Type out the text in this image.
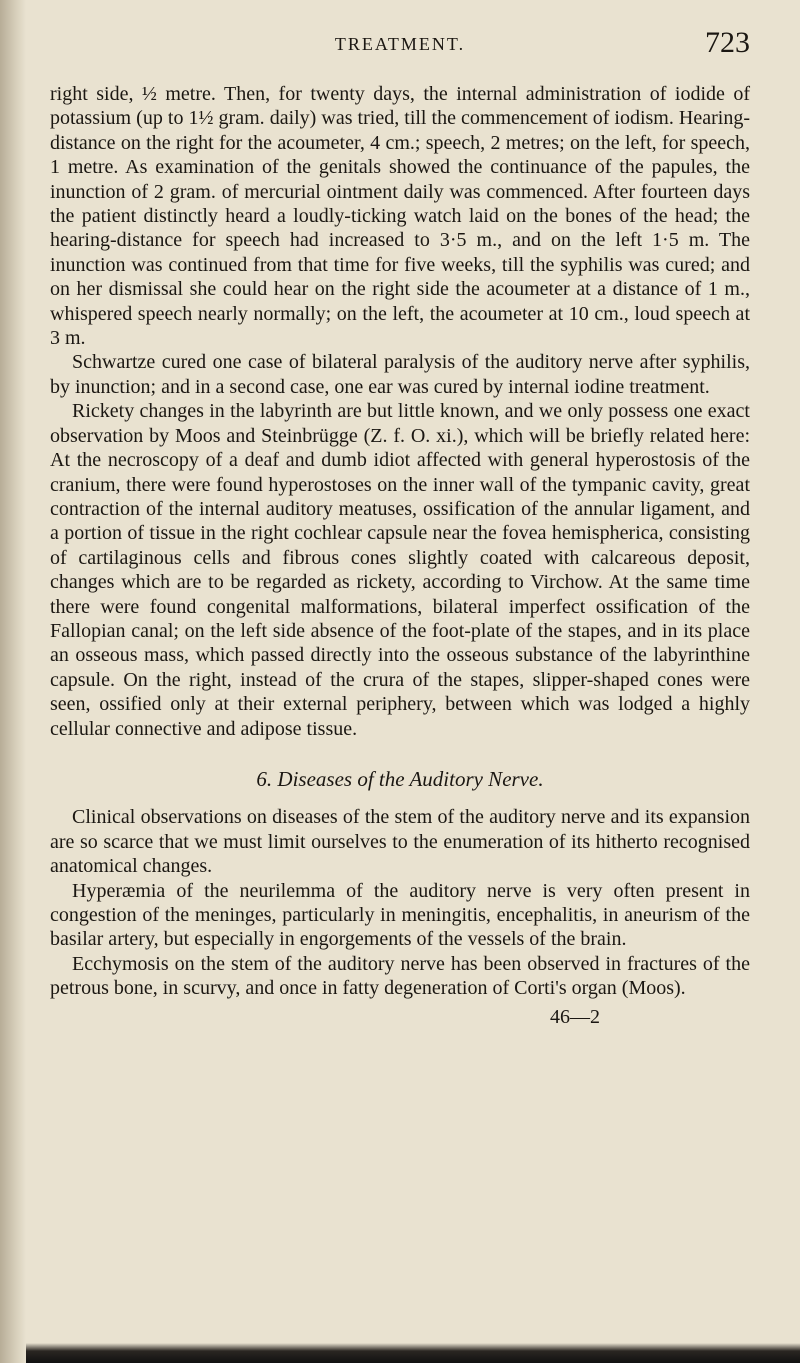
TREATMENT.	723

right side, ½ metre. Then, for twenty days, the internal administration of iodide of potassium (up to 1½ gram. daily) was tried, till the commencement of iodism. Hearing-distance on the right for the acoumeter, 4 cm.; speech, 2 metres; on the left, for speech, 1 metre. As examination of the genitals showed the continuance of the papules, the inunction of 2 gram. of mercurial ointment daily was commenced. After fourteen days the patient distinctly heard a loudly-ticking watch laid on the bones of the head; the hearing-distance for speech had increased to 3·5 m., and on the left 1·5 m. The inunction was continued from that time for five weeks, till the syphilis was cured; and on her dismissal she could hear on the right side the acoumeter at a distance of 1 m., whispered speech nearly normally; on the left, the acoumeter at 10 cm., loud speech at 3 m.

Schwartze cured one case of bilateral paralysis of the auditory nerve after syphilis, by inunction; and in a second case, one ear was cured by internal iodine treatment.

Rickety changes in the labyrinth are but little known, and we only possess one exact observation by Moos and Steinbrügge (Z. f. O. xi.), which will be briefly related here: At the necroscopy of a deaf and dumb idiot affected with general hyperostosis of the cranium, there were found hyperostoses on the inner wall of the tympanic cavity, great contraction of the internal auditory meatuses, ossification of the annular ligament, and a portion of tissue in the right cochlear capsule near the fovea hemispherica, consisting of cartilaginous cells and fibrous cones slightly coated with calcareous deposit, changes which are to be regarded as rickety, according to Virchow. At the same time there were found congenital malformations, bilateral imperfect ossification of the Fallopian canal; on the left side absence of the foot-plate of the stapes, and in its place an osseous mass, which passed directly into the osseous substance of the labyrinthine capsule. On the right, instead of the crura of the stapes, slipper-shaped cones were seen, ossified only at their external periphery, between which was lodged a highly cellular connective and adipose tissue.

6. Diseases of the Auditory Nerve.

Clinical observations on diseases of the stem of the auditory nerve and its expansion are so scarce that we must limit ourselves to the enumeration of its hitherto recognised anatomical changes.

Hyperæmia of the neurilemma of the auditory nerve is very often present in congestion of the meninges, particularly in meningitis, encephalitis, in aneurism of the basilar artery, but especially in engorgements of the vessels of the brain.

Ecchymosis on the stem of the auditory nerve has been observed in fractures of the petrous bone, in scurvy, and once in fatty degeneration of Corti's organ (Moos).

46—2
